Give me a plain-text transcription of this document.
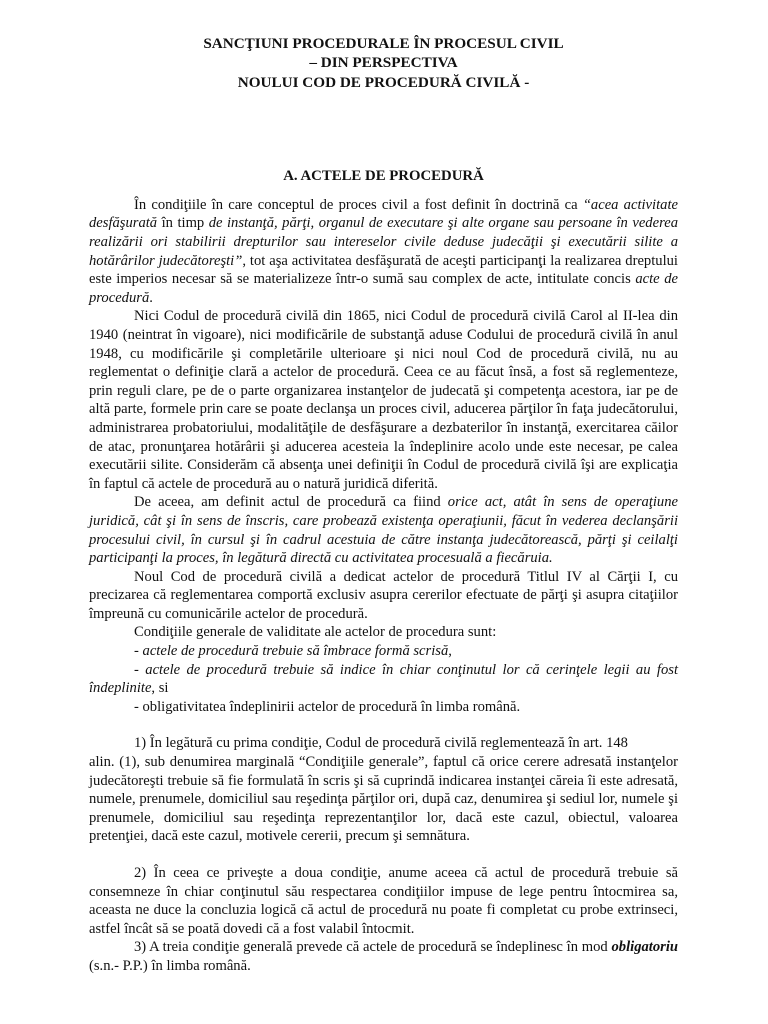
SANCŢIUNI PROCEDURALE ÎN PROCESUL CIVIL
– DIN PERSPECTIVA
NOULUI COD DE PROCEDURĂ CIVILĂ -
A. ACTELE DE PROCEDURĂ

În condiţiile în care conceptul de proces civil a fost definit în doctrină ca “acea activitate desfăşurată în timp de instanţă, părţi, organul de executare şi alte organe sau persoane în vederea realizării ori stabilirii drepturilor sau intereselor civile deduse judecăţii şi executării silite a hotărârilor judecătoreşti”, tot aşa activitatea desfăşurată de aceşti participanţi la realizarea dreptului este imperios necesar să se materializeze într-o sumă sau complex de acte, intitulate concis acte de procedură.

Nici Codul de procedură civilă din 1865, nici Codul de procedură civilă Carol al II-lea din 1940 (neintrat în vigoare), nici modificările de substanţă aduse Codului de procedură civilă în anul 1948, cu modificările şi completările ulterioare şi nici noul Cod de procedură civilă, nu au reglementat o definiţie clară a actelor de procedură. Ceea ce au făcut însă, a fost să reglementeze, prin reguli clare, pe de o parte organizarea instanţelor de judecată şi competenţa acestora, iar pe de altă parte, formele prin care se poate declanşa un proces civil, aducerea părţilor în faţa judecătorului, administrarea probatoriului, modalităţile de desfăşurare a dezbaterilor în instanţă, exercitarea căilor de atac, pronunţarea hotărârii şi aducerea acesteia la îndeplinire acolo unde este necesar, pe calea executării silite. Considerăm că absenţa unei definiţii în Codul de procedură civilă îşi are explicaţia în faptul că actele de procedură au o natură juridică diferită.

De aceea, am definit actul de procedură ca fiind orice act, atât în sens de operaţiune juridică, cât şi în sens de înscris, care probează existenţa operaţiunii, făcut în vederea declanşării procesului civil, în cursul şi în cadrul acestuia de către instanţa judecătorească, părţi şi ceilalţi participanţi la proces, în legătură directă cu activitatea procesuală a fiecăruia.

Noul Cod de procedură civilă a dedicat actelor de procedură Titlul IV al Cărţii I, cu precizarea că reglementarea comportă exclusiv asupra cererilor efectuate de părţi şi asupra citaţiilor împreună cu comunicările actelor de procedură.

Condiţiile generale de validitate ale actelor de procedura sunt:

- actele de procedură trebuie să îmbrace formă scrisă,

- actele de procedură trebuie să indice în chiar conţinutul lor că cerinţele legii au fost îndeplinite, si

- obligativitatea îndeplinirii actelor de procedură în limba română.

1) În legătură cu prima condiţie, Codul de procedură civilă reglementează în art. 148

alin. (1), sub denumirea marginală “Condiţiile generale”, faptul că orice cerere adresată instanţelor judecătoreşti trebuie să fie formulată în scris şi să cuprindă indicarea instanţei căreia îi este adresată, numele, prenumele, domiciliul sau reşedinţa părţilor ori, după caz, denumirea şi sediul lor, numele şi prenumele, domiciliul sau reşedinţa reprezentanţilor lor, dacă este cazul, obiectul, valoarea pretenţiei, dacă este cazul, motivele cererii, precum şi semnătura.

2) În ceea ce priveşte a doua condiţie, anume aceea că actul de procedură trebuie să consemneze în chiar conţinutul său respectarea condiţiilor impuse de lege pentru întocmirea sa, aceasta ne duce la concluzia logică că actul de procedură nu poate fi completat cu probe extrinseci, astfel încât să se poată dovedi că a fost valabil întocmit.

3) A treia condiţie generală prevede că actele de procedură se îndeplinesc în mod obligatoriu (s.n.- P.P.) în limba română.
